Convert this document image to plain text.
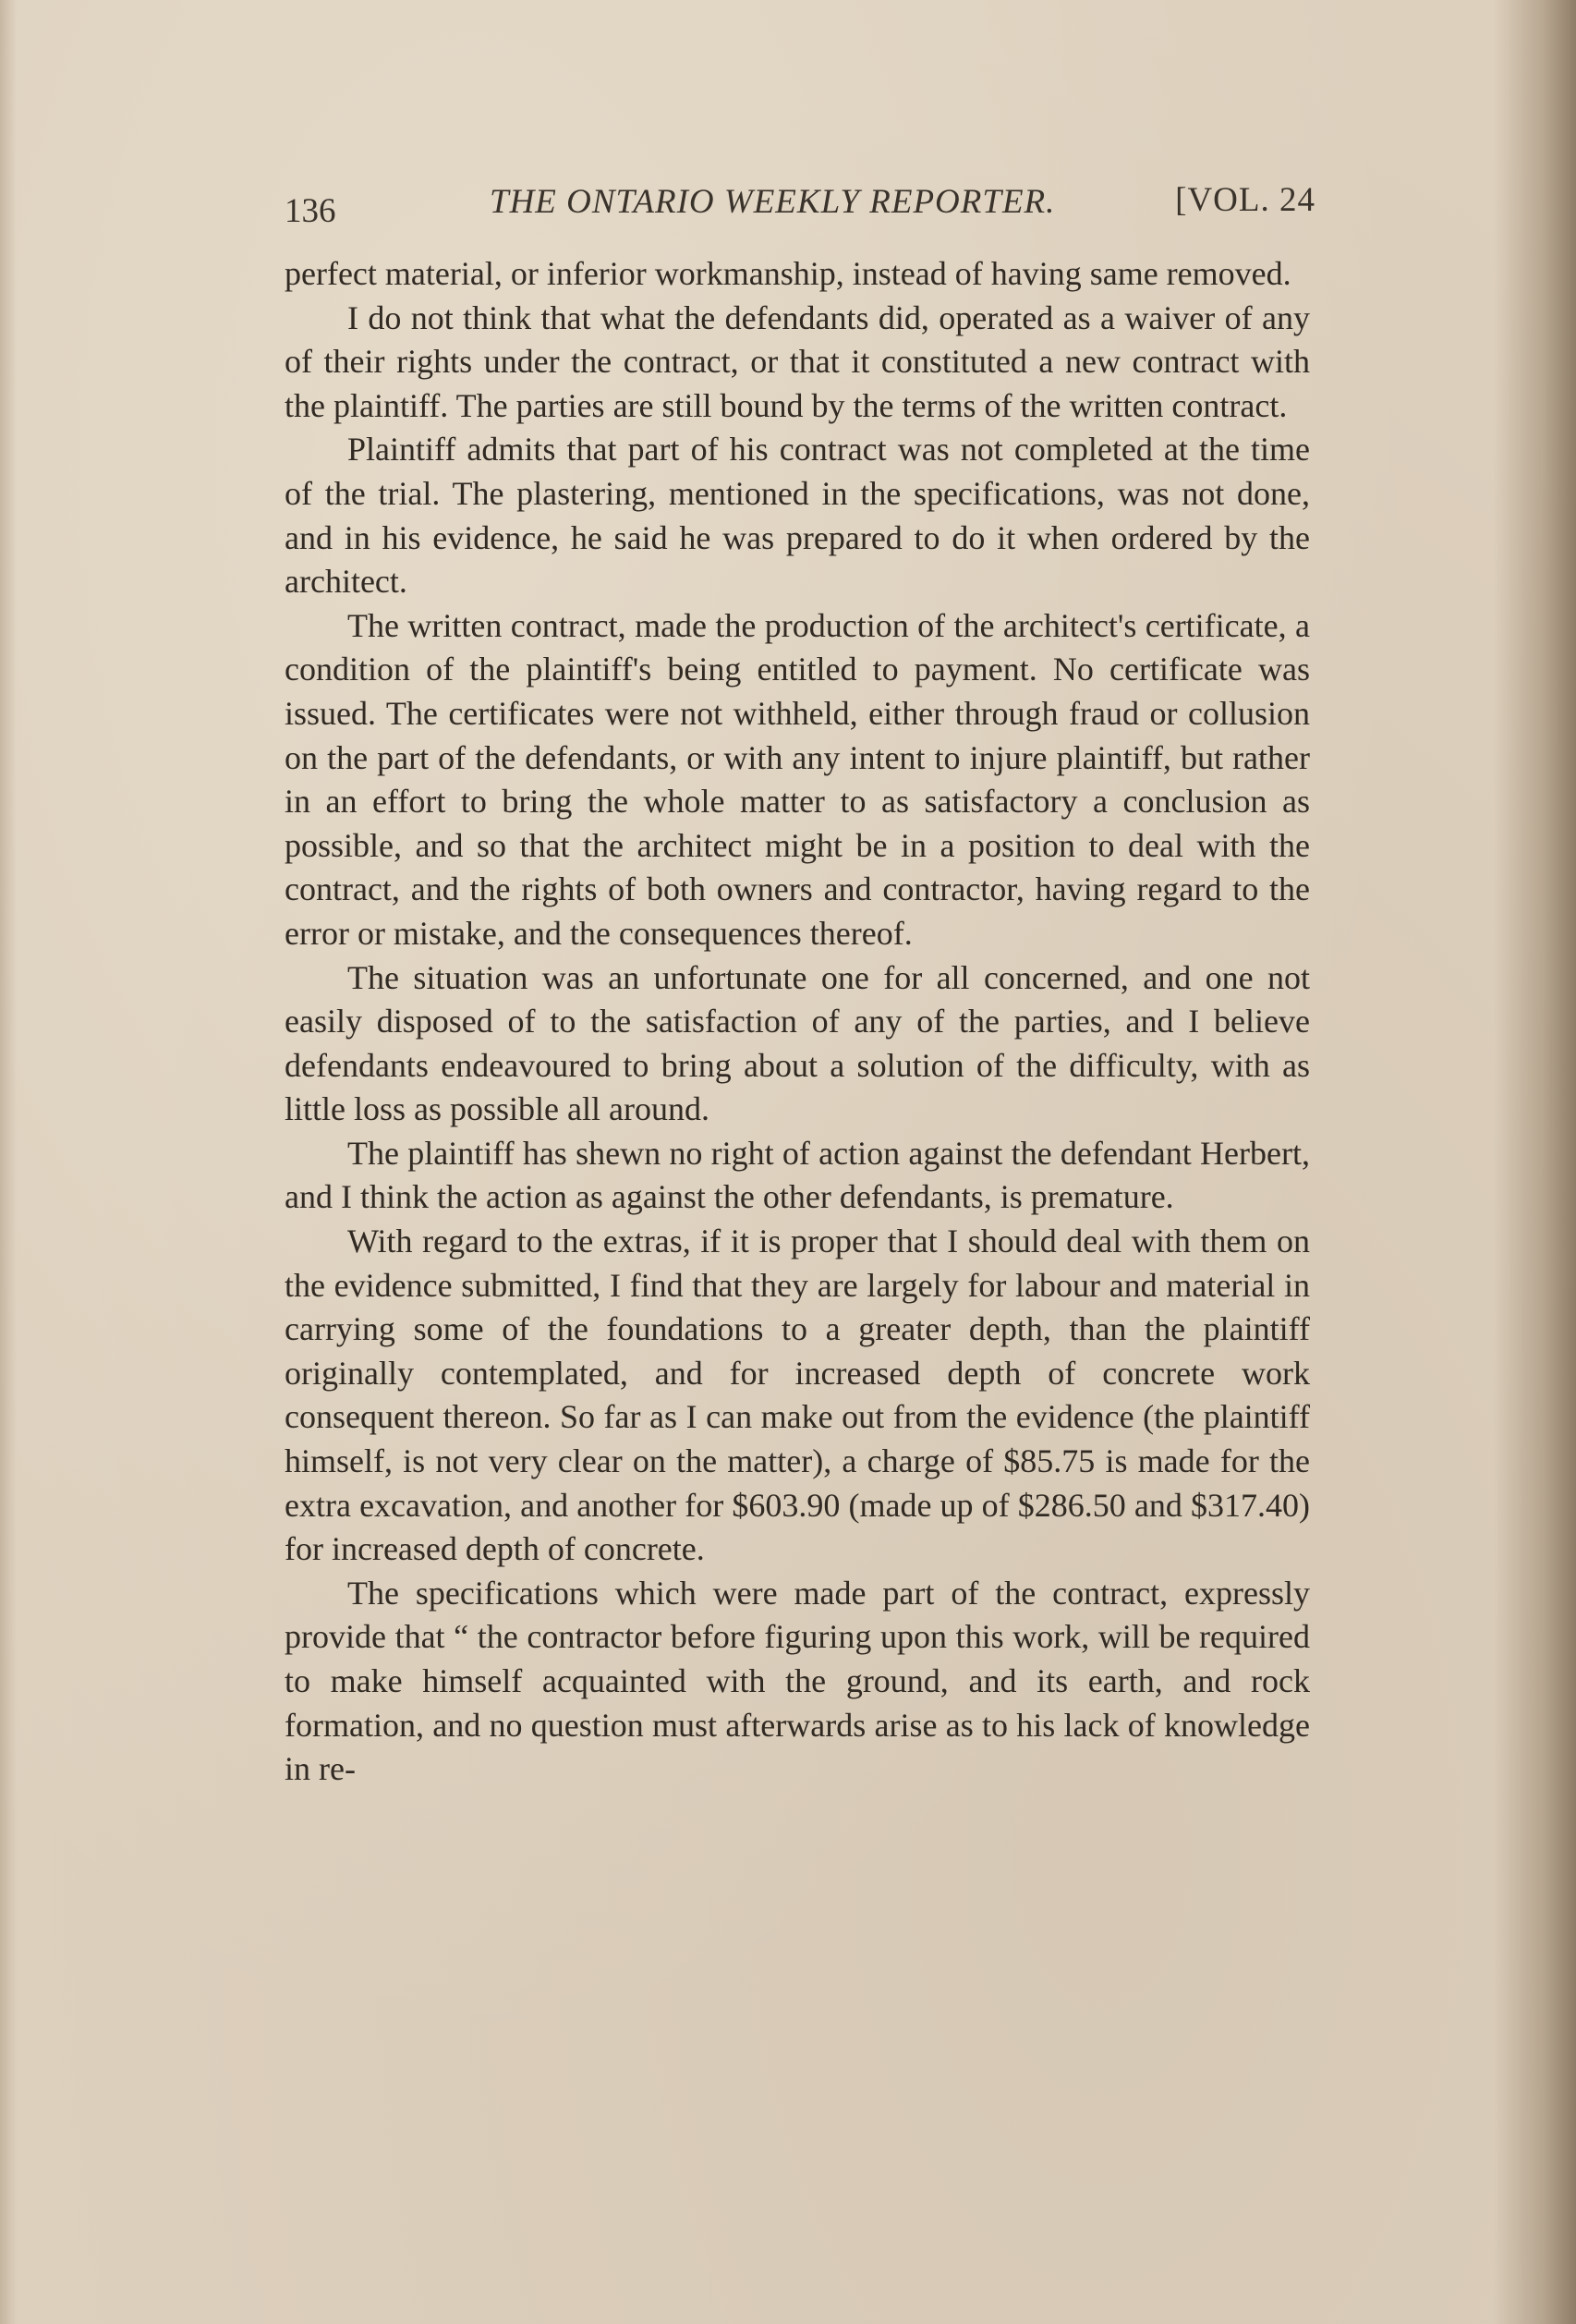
136	THE ONTARIO WEEKLY REPORTER.	[VOL. 24

perfect material, or inferior workmanship, instead of having same removed.

I do not think that what the defendants did, operated as a waiver of any of their rights under the contract, or that it constituted a new contract with the plaintiff. The parties are still bound by the terms of the written contract.

Plaintiff admits that part of his contract was not completed at the time of the trial. The plastering, mentioned in the specifications, was not done, and in his evidence, he said he was prepared to do it when ordered by the architect.

The written contract, made the production of the architect's certificate, a condition of the plaintiff's being entitled to payment. No certificate was issued. The certificates were not withheld, either through fraud or collusion on the part of the defendants, or with any intent to injure plaintiff, but rather in an effort to bring the whole matter to as satisfactory a conclusion as possible, and so that the architect might be in a position to deal with the contract, and the rights of both owners and contractor, having regard to the error or mistake, and the consequences thereof.

The situation was an unfortunate one for all concerned, and one not easily disposed of to the satisfaction of any of the parties, and I believe defendants endeavoured to bring about a solution of the difficulty, with as little loss as possible all around.

The plaintiff has shewn no right of action against the defendant Herbert, and I think the action as against the other defendants, is premature.

With regard to the extras, if it is proper that I should deal with them on the evidence submitted, I find that they are largely for labour and material in carrying some of the foundations to a greater depth, than the plaintiff originally contemplated, and for increased depth of concrete work consequent thereon. So far as I can make out from the evidence (the plaintiff himself, is not very clear on the matter), a charge of $85.75 is made for the extra excavation, and another for $603.90 (made up of $286.50 and $317.40) for increased depth of concrete.

The specifications which were made part of the contract, expressly provide that “ the contractor before figuring upon this work, will be required to make himself acquainted with the ground, and its earth, and rock formation, and no question must afterwards arise as to his lack of knowledge in re-
